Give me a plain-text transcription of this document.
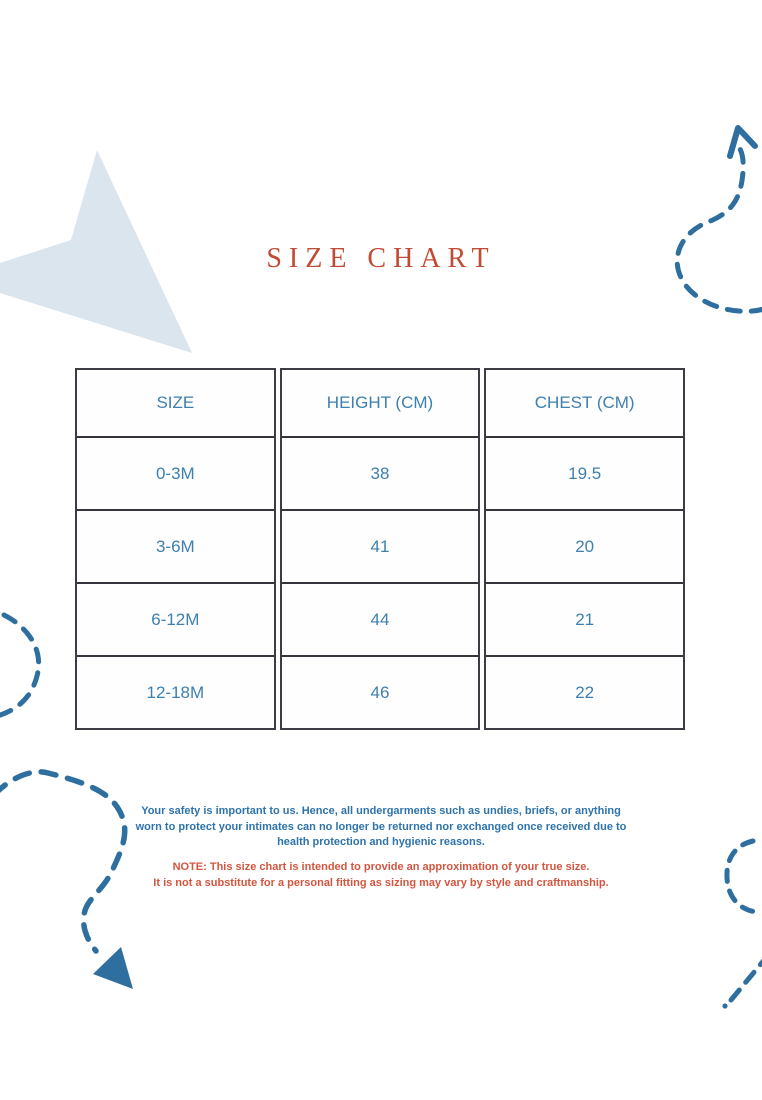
SIZE CHART
SIZE
0-3M
3-6M
6-12M
12-18M
HEIGHT (CM)
38
41
44
46
CHEST (CM)
19.5
20
21
22
Your safety is important to us. Hence, all undergarments such as undies, briefs, or anything
worn to protect your intimates can no longer be returned nor exchanged once received due to
health protection and hygienic reasons.
NOTE: This size chart is intended to provide an approximation of your true size.
It is not a substitute for a personal fitting as sizing may vary by style and craftmanship.
